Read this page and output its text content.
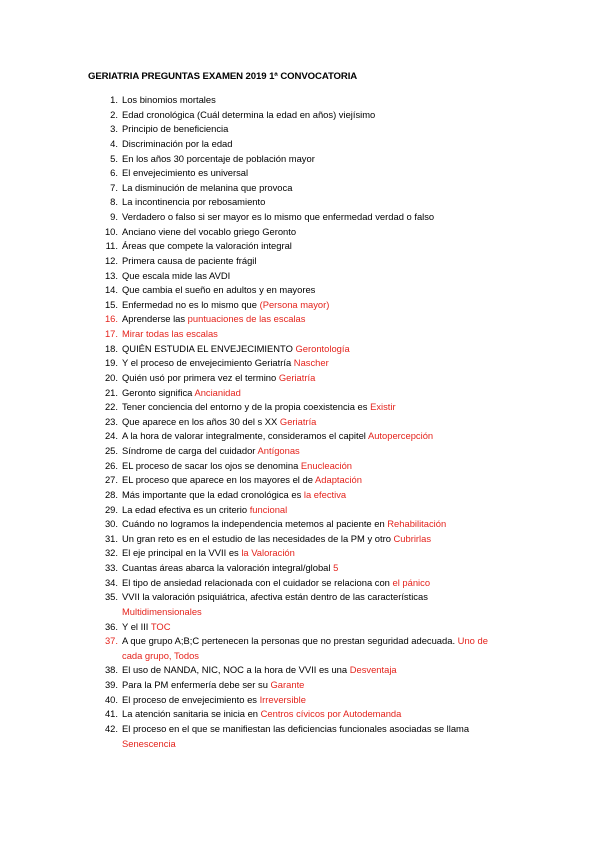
GERIATRIA PREGUNTAS EXAMEN 2019 1ª CONVOCATORIA
1. Los binomios mortales
2. Edad cronológica (Cuál determina la edad en años) viejísimo
3. Principio de beneficiencia
4. Discriminación por la edad
5. En los años 30 porcentaje de población mayor
6. El envejecimiento es universal
7. La disminución de melanina que provoca
8. La incontinencia por rebosamiento
9. Verdadero o falso si ser mayor es lo mismo que enfermedad verdad o falso
10. Anciano viene del vocablo griego Geronto
11. Áreas que compete la valoración integral
12. Primera causa de paciente frágil
13. Que escala mide las AVDI
14. Que cambia el sueño en adultos y en mayores
15. Enfermedad no es lo mismo que (Persona mayor)
16. Aprenderse las puntuaciones de las escalas
17. Mirar todas las escalas
18. QUIÉN ESTUDIA EL ENVEJECIMIENTO Gerontología
19. Y el proceso de envejecimiento Geriatría Nascher
20. Quién usó por primera vez el termino Geriatría
21. Geronto significa Ancianidad
22. Tener conciencia del entorno y de la propia coexistencia es Existir
23. Que aparece en los años 30 del s XX Geriatría
24. A la hora de valorar integralmente, consideramos el capitel Autopercepción
25. Síndrome de carga del cuidador Antígonas
26. EL proceso de sacar los ojos se denomina Enucleación
27. EL proceso que aparece en los mayores el de Adaptación
28. Más importante que la edad cronológica es la efectiva
29. La edad efectiva es un criterio funcional
30. Cuándo no logramos la independencia metemos al paciente en Rehabilitación
31. Un gran reto es en el estudio de las necesidades de la PM y otro Cubrirlas
32. El eje principal en la VVII es la Valoración
33. Cuantas áreas abarca la valoración integral/global 5
34. El tipo de ansiedad relacionada con el cuidador se relaciona con el pánico
35. VVII la valoración psiquiátrica, afectiva están dentro de las características
Multidimensionales
36. Y el III TOC
37. A que grupo A;B;C pertenecen la personas que no prestan seguridad adecuada. Uno de
cada grupo, Todos
38. El uso de NANDA, NIC, NOC a la hora de VVII es una Desventaja
39. Para la PM enfermería debe ser su Garante
40. El proceso de envejecimiento es Irreversible
41. La atención sanitaria se inicia en Centros cívicos por Autodemanda
42. El proceso en el que se manifiestan las deficiencias funcionales asociadas se llama
Senescencia
